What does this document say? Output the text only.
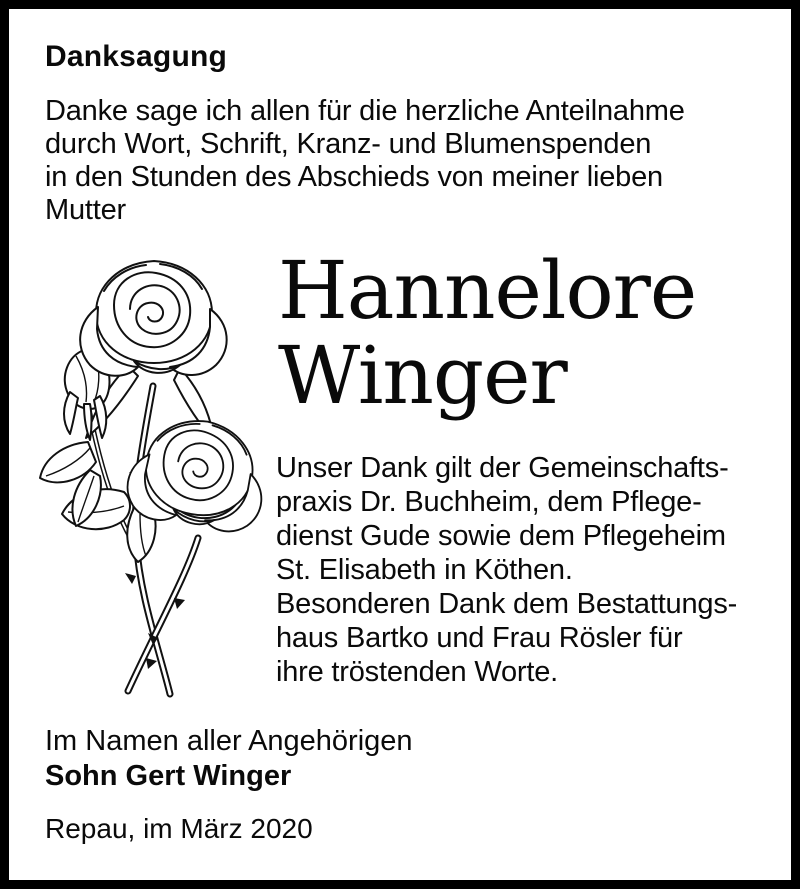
Danksagung
Danke sage ich allen für die herzliche Anteilnahme
durch Wort, Schrift, Kranz- und Blumenspenden
in den Stunden des Abschieds von meiner lieben
Mutter
Hannelore
Winger
Unser Dank gilt der Gemeinschafts-
praxis Dr. Buchheim, dem Pflege-
dienst Gude sowie dem Pflegeheim
St. Elisabeth in Köthen.
Besonderen Dank dem Bestattungs-
haus Bartko und Frau Rösler für
ihre tröstenden Worte.
Im Namen aller Angehörigen
Sohn Gert Winger
Repau, im März 2020
